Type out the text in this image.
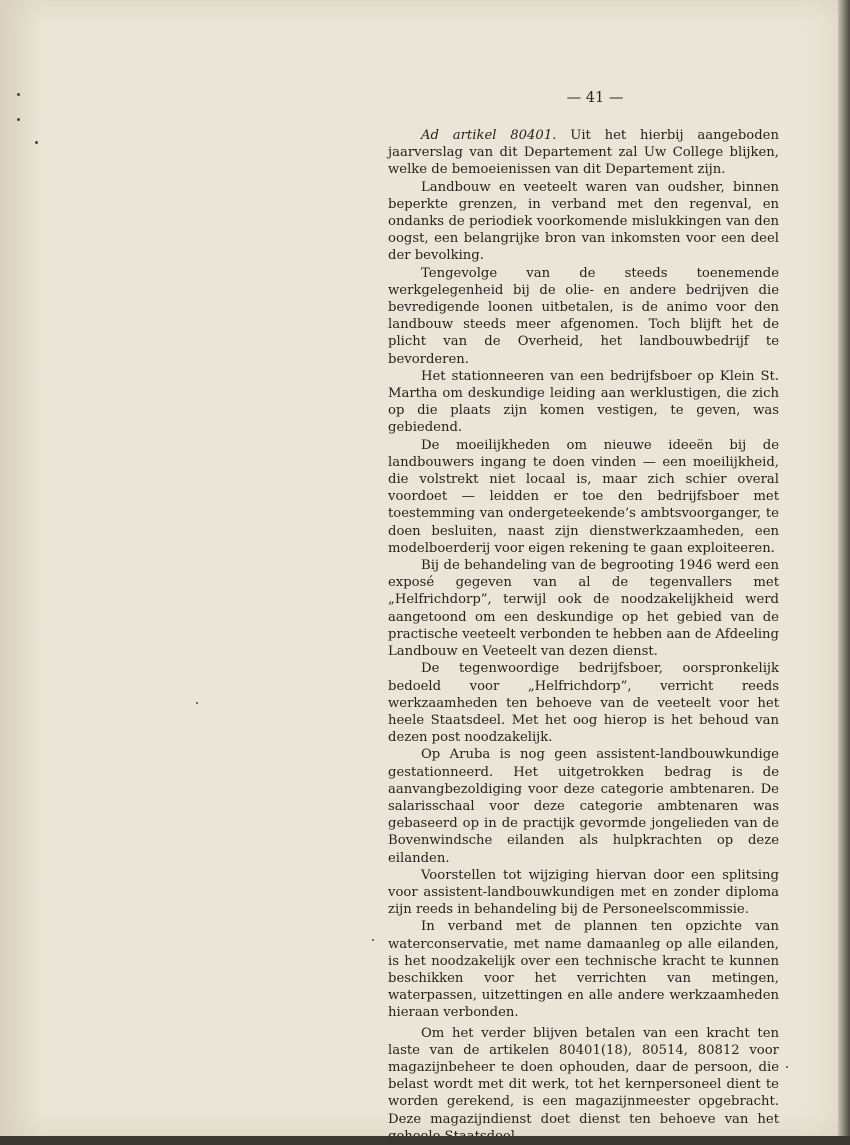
— 41 —

Ad artikel 80401. Uit het hierbij aangeboden jaarverslag van dit Departement zal Uw College blijken, welke de bemoeienissen van dit Departement zijn.

Landbouw en veeteelt waren van oudsher, binnen beperkte grenzen, in verband met den regenval, en ondanks de periodiek voorkomende mislukkingen van den oogst, een belangrijke bron van inkomsten voor een deel der bevolking.

Tengevolge van de steeds toenemende werkgelegenheid bij de olie- en andere bedrijven die bevredigende loonen uitbetalen, is de animo voor den landbouw steeds meer afgenomen. Toch blijft het de plicht van de Overheid, het landbouwbedrijf te bevorderen.

Het stationneeren van een bedrijfsboer op Klein St. Martha om deskundige leiding aan werklustigen, die zich op die plaats zijn komen vestigen, te geven, was gebiedend.

De moeilijkheden om nieuwe ideeën bij de landbouwers ingang te doen vinden — een moeilijkheid, die volstrekt niet locaal is, maar zich schier overal voordoet — leidden er toe den bedrijfsboer met toestemming van ondergeteekende’s ambtsvoorganger, te doen besluiten, naast zijn dienstwerkzaamheden, een modelboerderij voor eigen rekening te gaan exploiteeren.

Bij de behandeling van de begrooting 1946 werd een exposé gegeven van al de tegenvallers met „Helfrichdorp”, terwijl ook de noodzakelijkheid werd aangetoond om een deskundige op het gebied van de practische veeteelt verbonden te hebben aan de Afdeeling Landbouw en Veeteelt van dezen dienst.

De tegenwoordige bedrijfsboer, oorspronkelijk bedoeld voor „Helfrichdorp”, verricht reeds werkzaamheden ten behoeve van de veeteelt voor het heele Staatsdeel. Met het oog hierop is het behoud van dezen post noodzakelijk.

Op Aruba is nog geen assistent-landbouwkundige gestationneerd. Het uitgetrokken bedrag is de aanvangbezoldiging voor deze categorie ambtenaren. De salarisschaal voor deze categorie ambtenaren was gebaseerd op in de practijk gevormde jongelieden van de Bovenwindsche eilanden als hulpkrachten op deze eilanden.

Voorstellen tot wijziging hiervan door een splitsing voor assistent-landbouwkundigen met en zonder diploma zijn reeds in behandeling bij de Personeelscommissie.

In verband met de plannen ten opzichte van waterconservatie, met name damaanleg op alle eilanden, is het noodzakelijk over een technische kracht te kunnen beschikken voor het verrichten van metingen, waterpassen, uitzettingen en alle andere werkzaamheden hieraan verbonden.

Om het verder blijven betalen van een kracht ten laste van de artikelen 80401(18), 80514, 80812 voor magazijnbeheer te doen ophouden, daar de persoon, die belast wordt met dit werk, tot het kernpersoneel dient te worden gerekend, is een magazijnmeester opgebracht. Deze magazijndienst doet dienst ten behoeve van het
